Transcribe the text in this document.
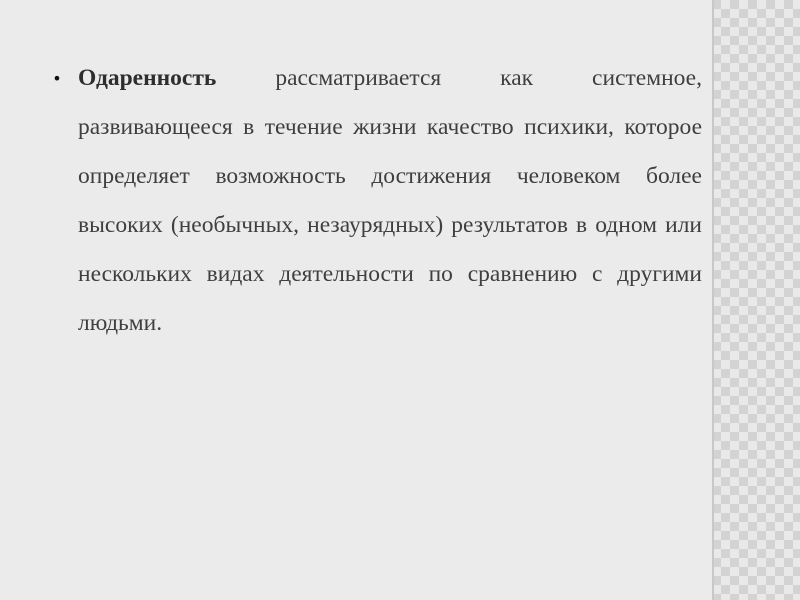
• Одаренность рассматривается как системное, развивающееся в течение жизни качество психики, которое определяет возможность достижения человеком более высоких (необычных, незаурядных) результатов в одном или нескольких видах деятельности по сравнению с другими людьми.
